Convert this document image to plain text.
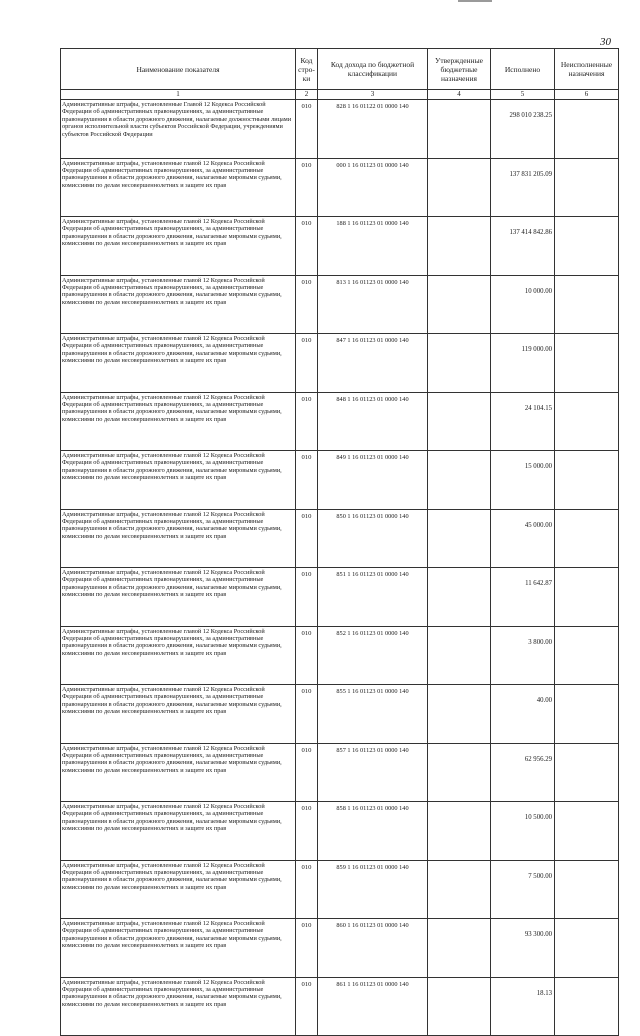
30
Наименование показателя	Код стро-ки	Код дохода по бюджетной классификации	Утвержденные бюджетные назначения	Исполнено	Неисполненные назначения
1	2	3	4	5	6
Административные штрафы, установленные Главой 12 Кодекса Российской Федерации об административных правонарушениях, за административные правонарушения в области дорожного движения, налагаемые должностными лицами органов исполнительной власти субъектов Российской Федерации, учреждениями субъектов Российской Федерации	010	828 1 16 01122 01 0000 140		298 010 238.25	
Административные штрафы, установленные главой 12 Кодекса Российской Федерации об административных правонарушениях, за административные правонарушения в области дорожного движения, налагаемые мировыми судьями, комиссиями по делам несовершеннолетних и защите их прав	010	000 1 16 01123 01 0000 140		137 831 205.09	
Административные штрафы, установленные главой 12 Кодекса Российской Федерации об административных правонарушениях, за административные правонарушения в области дорожного движения, налагаемые мировыми судьями, комиссиями по делам несовершеннолетних и защите их прав	010	188 1 16 01123 01 0000 140		137 414 842.86	
Административные штрафы, установленные главой 12 Кодекса Российской Федерации об административных правонарушениях, за административные правонарушения в области дорожного движения, налагаемые мировыми судьями, комиссиями по делам несовершеннолетних и защите их прав	010	813 1 16 01123 01 0000 140		10 000.00	
Административные штрафы, установленные главой 12 Кодекса Российской Федерации об административных правонарушениях, за административные правонарушения в области дорожного движения, налагаемые мировыми судьями, комиссиями по делам несовершеннолетних и защите их прав	010	847 1 16 01123 01 0000 140		119 000.00	
Административные штрафы, установленные главой 12 Кодекса Российской Федерации об административных правонарушениях, за административные правонарушения в области дорожного движения, налагаемые мировыми судьями, комиссиями по делам несовершеннолетних и защите их прав	010	848 1 16 01123 01 0000 140		24 104.15	
Административные штрафы, установленные главой 12 Кодекса Российской Федерации об административных правонарушениях, за административные правонарушения в области дорожного движения, налагаемые мировыми судьями, комиссиями по делам несовершеннолетних и защите их прав	010	849 1 16 01123 01 0000 140		15 000.00	
Административные штрафы, установленные главой 12 Кодекса Российской Федерации об административных правонарушениях, за административные правонарушения в области дорожного движения, налагаемые мировыми судьями, комиссиями по делам несовершеннолетних и защите их прав	010	850 1 16 01123 01 0000 140		45 000.00	
Административные штрафы, установленные главой 12 Кодекса Российской Федерации об административных правонарушениях, за административные правонарушения в области дорожного движения, налагаемые мировыми судьями, комиссиями по делам несовершеннолетних и защите их прав	010	851 1 16 01123 01 0000 140		11 642.87	
Административные штрафы, установленные главой 12 Кодекса Российской Федерации об административных правонарушениях, за административные правонарушения в области дорожного движения, налагаемые мировыми судьями, комиссиями по делам несовершеннолетних и защите их прав	010	852 1 16 01123 01 0000 140		3 800.00	
Административные штрафы, установленные главой 12 Кодекса Российской Федерации об административных правонарушениях, за административные правонарушения в области дорожного движения, налагаемые мировыми судьями, комиссиями по делам несовершеннолетних и защите их прав	010	855 1 16 01123 01 0000 140		40.00	
Административные штрафы, установленные главой 12 Кодекса Российской Федерации об административных правонарушениях, за административные правонарушения в области дорожного движения, налагаемые мировыми судьями, комиссиями по делам несовершеннолетних и защите их прав	010	857 1 16 01123 01 0000 140		62 956.29	
Административные штрафы, установленные главой 12 Кодекса Российской Федерации об административных правонарушениях, за административные правонарушения в области дорожного движения, налагаемые мировыми судьями, комиссиями по делам несовершеннолетних и защите их прав	010	858 1 16 01123 01 0000 140		10 500.00	
Административные штрафы, установленные главой 12 Кодекса Российской Федерации об административных правонарушениях, за административные правонарушения в области дорожного движения, налагаемые мировыми судьями, комиссиями по делам несовершеннолетних и защите их прав	010	859 1 16 01123 01 0000 140		7 500.00	
Административные штрафы, установленные главой 12 Кодекса Российской Федерации об административных правонарушениях, за административные правонарушения в области дорожного движения, налагаемые мировыми судьями, комиссиями по делам несовершеннолетних и защите их прав	010	860 1 16 01123 01 0000 140		93 300.00	
Административные штрафы, установленные главой 12 Кодекса Российской Федерации об административных правонарушениях, за административные правонарушения в области дорожного движения, налагаемые мировыми судьями, комиссиями по делам несовершеннолетних и защите их прав	010	861 1 16 01123 01 0000 140		18.13	
